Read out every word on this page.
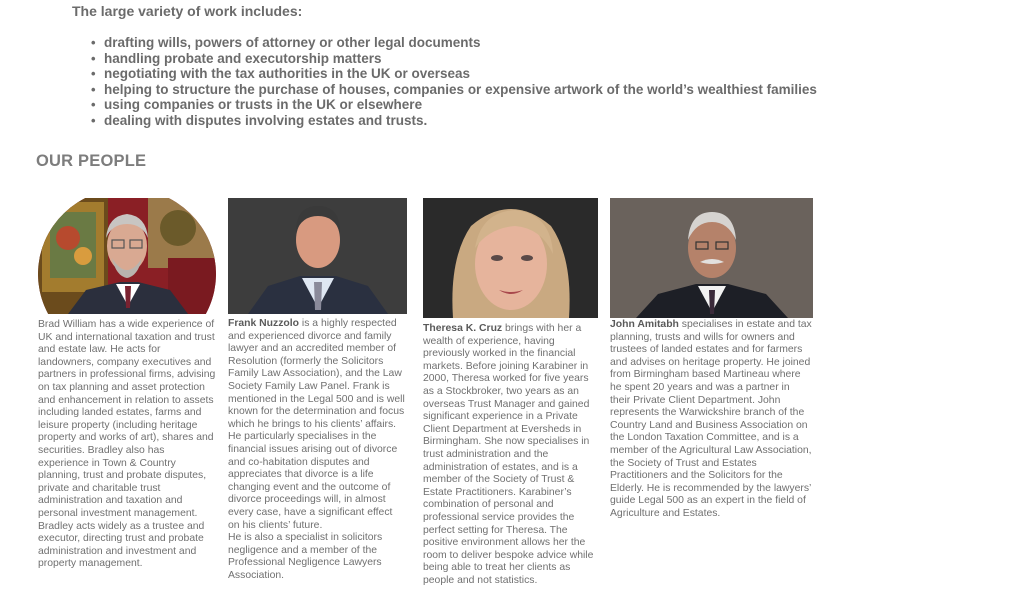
The large variety of work includes:
• drafting wills, powers of attorney or other legal documents
• handling probate and executorship matters
• negotiating with the tax authorities in the UK or overseas
• helping to structure the purchase of houses, companies or expensive artwork of the world’s wealthiest families
• using companies or trusts in the UK or elsewhere
• dealing with disputes involving estates and trusts.
OUR PEOPLE

Brad William has a wide experience of UK and international taxation and trust and estate law. He acts for landowners, company executives and partners in professional firms, advising on tax planning and asset protection and enhancement in relation to assets including landed estates, farms and leisure property (including heritage property and works of art), shares and securities. Bradley also has experience in Town & Country planning, trust and probate disputes, private and charitable trust administration and taxation and personal investment management. Bradley acts widely as a trustee and executor, directing trust and probate administration and investment and property management.

Frank Nuzzolo is a highly respected and experienced divorce and family lawyer and an accredited member of Resolution (formerly the Solicitors Family Law Association), and the Law Society Family Law Panel. Frank is mentioned in the Legal 500 and is well known for the determination and focus which he brings to his clients’ affairs. He particularly specialises in the financial issues arising out of divorce and co-habitation disputes and appreciates that divorce is a life changing event and the outcome of divorce proceedings will, in almost every case, have a significant effect on his clients’ future.

He is also a specialist in solicitors negligence and a member of the Professional Negligence Lawyers Association.

Theresa K. Cruz brings with her a wealth of experience, having previously worked in the financial markets. Before joining Karabiner in 2000, Theresa worked for five years as a Stockbroker, two years as an overseas Trust Manager and gained significant experience in a Private Client Department at Eversheds in Birmingham. She now specialises in trust administration and the administration of estates, and is a member of the Society of Trust & Estate Practitioners. Karabiner’s combination of personal and professional service provides the perfect setting for Theresa. The positive environment allows her the room to deliver bespoke advice while being able to treat her clients as people and not statistics.

John Amitabh specialises in estate and tax planning, trusts and wills for owners and trustees of landed estates and for farmers and advises on heritage property. He joined from Birmingham based Martineau where he spent 20 years and was a partner in their Private Client Department. John represents the Warwickshire branch of the Country Land and Business Association on the London Taxation Committee, and is a member of the Agricultural Law Association, the Society of Trust and Estates Practitioners and the Solicitors for the Elderly. He is recommended by the lawyers’ guide Legal 500 as an expert in the field of Agriculture and Estates.
